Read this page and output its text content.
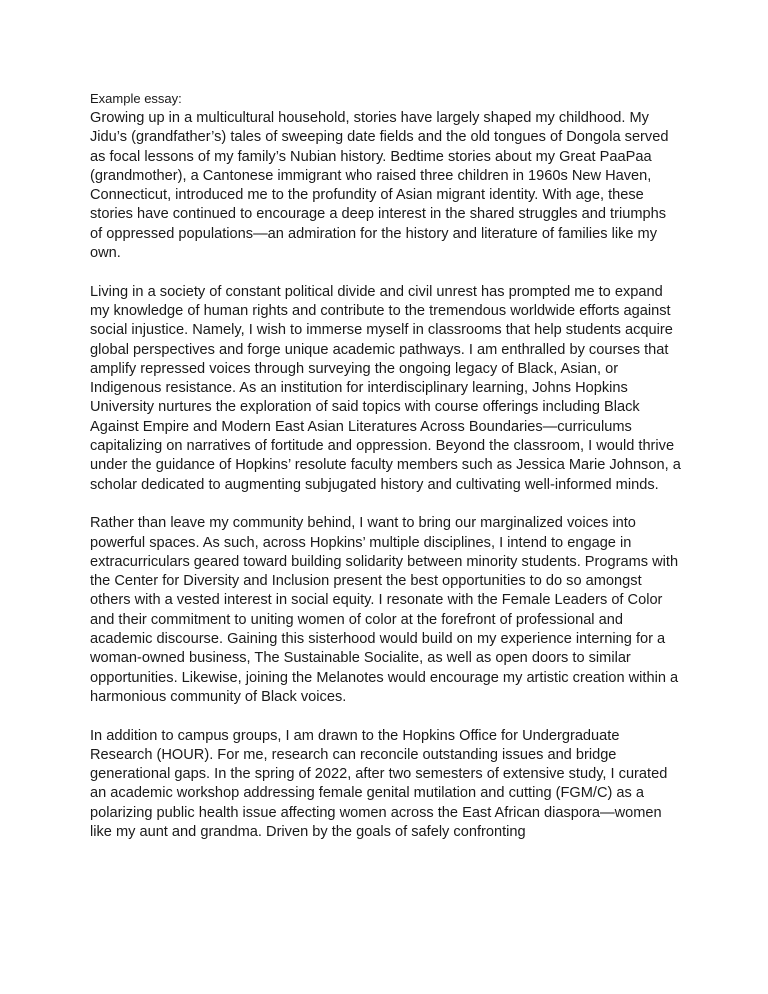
Example essay:

Growing up in a multicultural household, stories have largely shaped my childhood. My Jidu’s (grandfather’s) tales of sweeping date fields and the old tongues of Dongola served as focal lessons of my family’s Nubian history. Bedtime stories about my Great PaaPaa (grandmother), a Cantonese immigrant who raised three children in 1960s New Haven, Connecticut, introduced me to the profundity of Asian migrant identity. With age, these stories have continued to encourage a deep interest in the shared struggles and triumphs of oppressed populations—an admiration for the history and literature of families like my own.

Living in a society of constant political divide and civil unrest has prompted me to expand my knowledge of human rights and contribute to the tremendous worldwide efforts against social injustice. Namely, I wish to immerse myself in classrooms that help students acquire global perspectives and forge unique academic pathways. I am enthralled by courses that amplify repressed voices through surveying the ongoing legacy of Black, Asian, or Indigenous resistance. As an institution for interdisciplinary learning, Johns Hopkins University nurtures the exploration of said topics with course offerings including Black Against Empire and Modern East Asian Literatures Across Boundaries—curriculums capitalizing on narratives of fortitude and oppression. Beyond the classroom, I would thrive under the guidance of Hopkins’ resolute faculty members such as Jessica Marie Johnson, a scholar dedicated to augmenting subjugated history and cultivating well-informed minds.

Rather than leave my community behind, I want to bring our marginalized voices into powerful spaces. As such, across Hopkins’ multiple disciplines, I intend to engage in extracurriculars geared toward building solidarity between minority students. Programs with the Center for Diversity and Inclusion present the best opportunities to do so amongst others with a vested interest in social equity. I resonate with the Female Leaders of Color and their commitment to uniting women of color at the forefront of professional and academic discourse. Gaining this sisterhood would build on my experience interning for a woman-owned business, The Sustainable Socialite, as well as open doors to similar opportunities. Likewise, joining the Melanotes would encourage my artistic creation within a harmonious community of Black voices.

In addition to campus groups, I am drawn to the Hopkins Office for Undergraduate Research (HOUR). For me, research can reconcile outstanding issues and bridge generational gaps. In the spring of 2022, after two semesters of extensive study, I curated an academic workshop addressing female genital mutilation and cutting (FGM/C) as a polarizing public health issue affecting women across the East African diaspora—women like my aunt and grandma. Driven by the goals of safely confronting
